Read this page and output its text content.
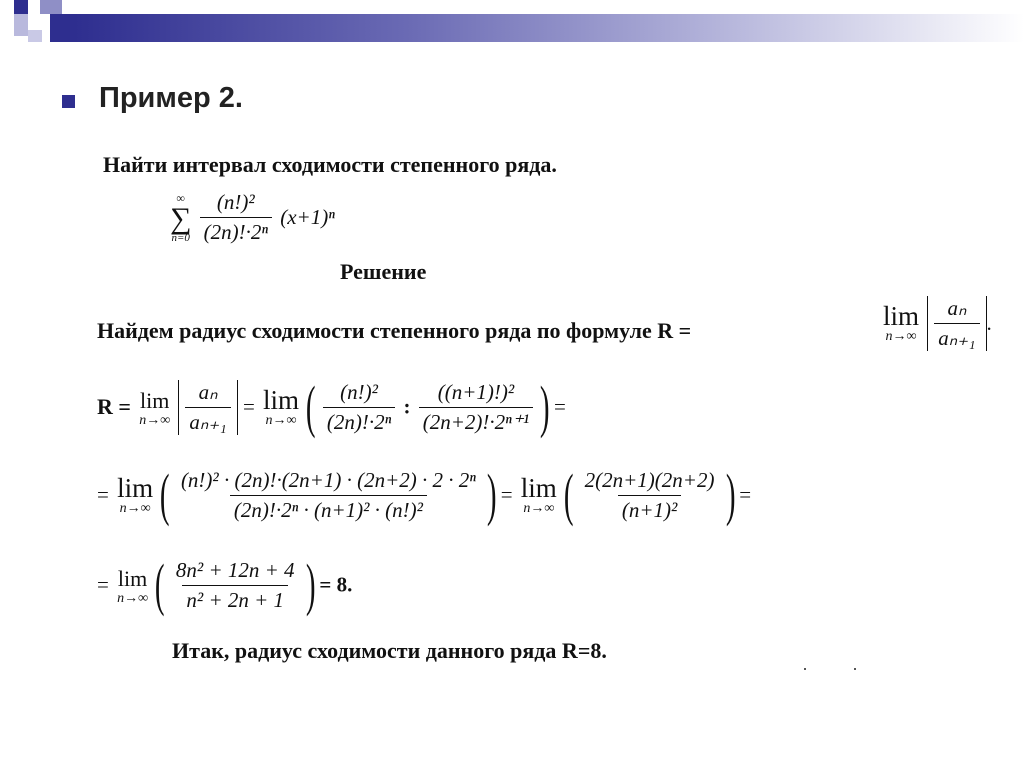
Пример 2.
Найти интервал сходимости степенного ряда.
∞
∑
n=0
$\frac{\text{(n!)²}}{\text{(2n)!·2ⁿ}} (x+1)^n$
Решение
Найдем радиус сходимости степенного ряда по формуле R =	lim
n→∞
$\frac{\text{aₙ}}{\text{aₙ₊₁}}$ .
R = lim
n→∞
$\frac{\text{aₙ}}{\text{aₙ₊₁}} = \lim$
n→∞ ( $\frac{\text{(n!)²}}{\text{(2n)!·2ⁿ}}$ : $\frac{\text{((n+1)!)²}}{\text{(2n+2)!·2ⁿ⁺¹}}$ ) =
= lim
n→∞ ( $\frac{\text{(n!)² · (2n)!·(2n+1) · (2n+2) · 2 · 2ⁿ}}{\text{(2n)!·2ⁿ · (n+1)² · (n!)²}}$ ) = lim
n→∞ ( $\frac{2(2n+1)(2n+2)}{\text{(n+1)²}}$ ) =
= lim
n→∞ ( $\frac{\text{8n² + 12n + 4}}{\text{n² + 2n + 1}}$ ) = 8.
Итак, радиус сходимости данного ряда R=8.
